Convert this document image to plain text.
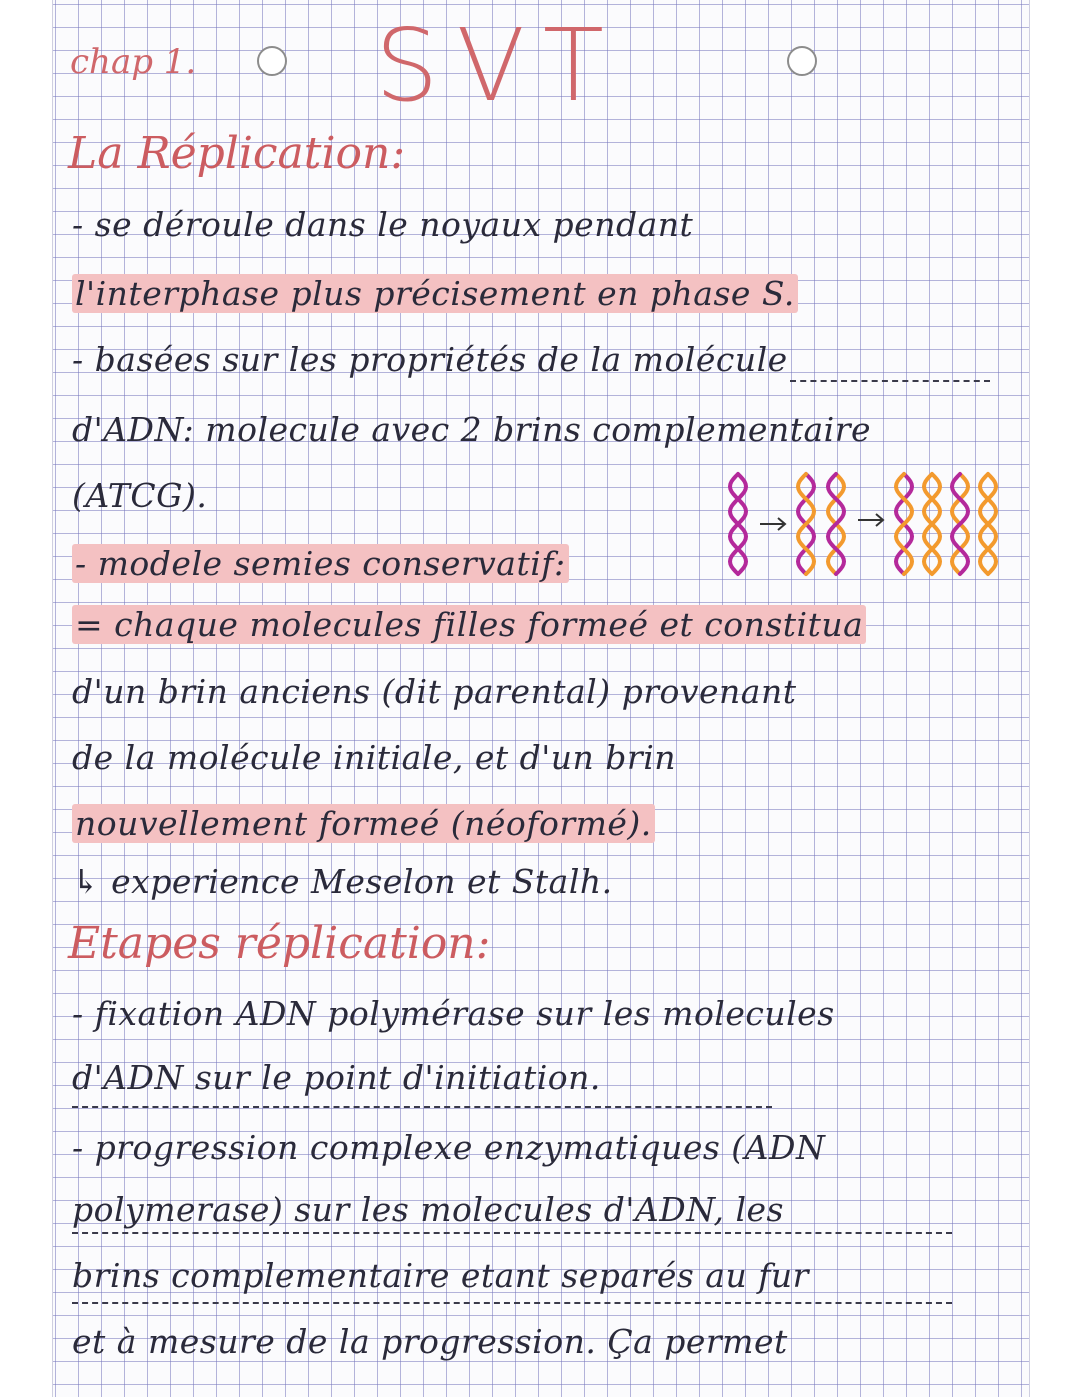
chap 1. SVT
La Réplication:
- se déroule dans le noyaux pendant
l'interphase plus précisement en phase S.
- basées sur les propriétés de la molécule
d'ADN: molecule avec 2 brins complementaire
(ATCG).
- modele semies conservatif:
= chaque molecules filles formeé et constitua
d'un brin anciens (dit parental) provenant
de la molécule initiale, et d'un brin
nouvellement formeé (néoformé).
↳ experience Meselon et Stalh.
Etapes réplication:
- fixation ADN polymérase sur les molecules
d'ADN sur le point d'initiation.
- progression complexe enzymatiques (ADN
polymerase) sur les molecules d'ADN, les
brins complementaire etant separés au fur
et à mesure de la progression. Ça permet
